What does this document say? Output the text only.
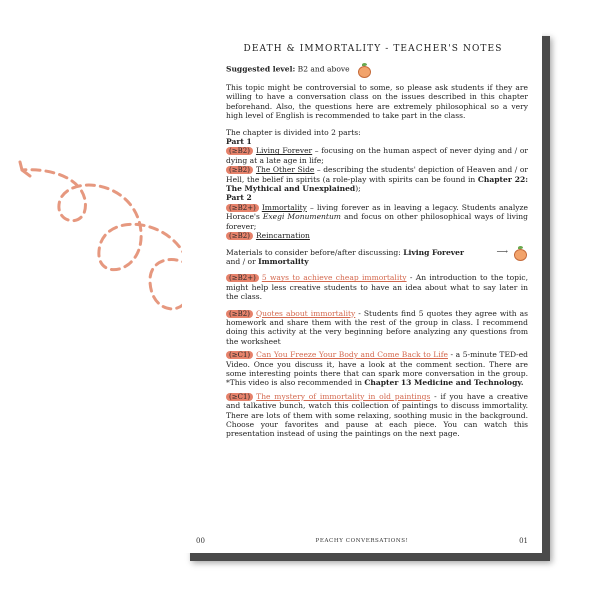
DEATH & IMMORTALITY - TEACHER'S NOTES

Suggested level: B2 and above

This topic might be controversial to some, so please ask students if they are willing to have a conversation class on the issues described in this chapter beforehand. Also, the questions here are extremely philosophical so a very high level of English is recommended to take part in the class.

The chapter is divided into 2 parts:

Part 1

(≥B2) Living Forever – focusing on the human aspect of never dying and / or dying at a late age in life;

(≥B2) The Other Side – describing the students' depiction of Heaven and / or Hell, the belief in spirits (a role-play with spirits can be found in Chapter 22: The Mythical and Unexplained);

Part 2

(≥B2+) Immortality – living forever as in leaving a legacy. Students analyze Horace's Exegi Monumentum and focus on other philosophical ways of living forever;

(≥B2) Reincarnation

Materials to consider before/after discussing: Living Forever
and / or Immortality
⟶

(≥B2+) 5 ways to achieve cheap immortality - An introduction to the topic, might help less creative students to have an idea about what to say later in the class.

(≥B2) Quotes about immortality - Students find 5 quotes they agree with as homework and share them with the rest of the group in class. I recommend doing this activity at the very beginning before analyzing any questions from the worksheet

(≥C1) Can You Freeze Your Body and Come Back to Life - a 5-minute TED-ed Video. Once you discuss it, have a look at the comment section. There are some interesting points there that can spark more conversation in the group. *This video is also recommended in Chapter 13 Medicine and Technology.

(≥C1) The mystery of immortality in old paintings - if you have a creative and talkative bunch, watch this collection of paintings to discuss immortality. There are lots of them with some relaxing, soothing music in the background. Choose your favorites and pause at each piece. You can watch this presentation instead of using the paintings on the next page.

00	PEACHY CONVERSATIONS!	01
